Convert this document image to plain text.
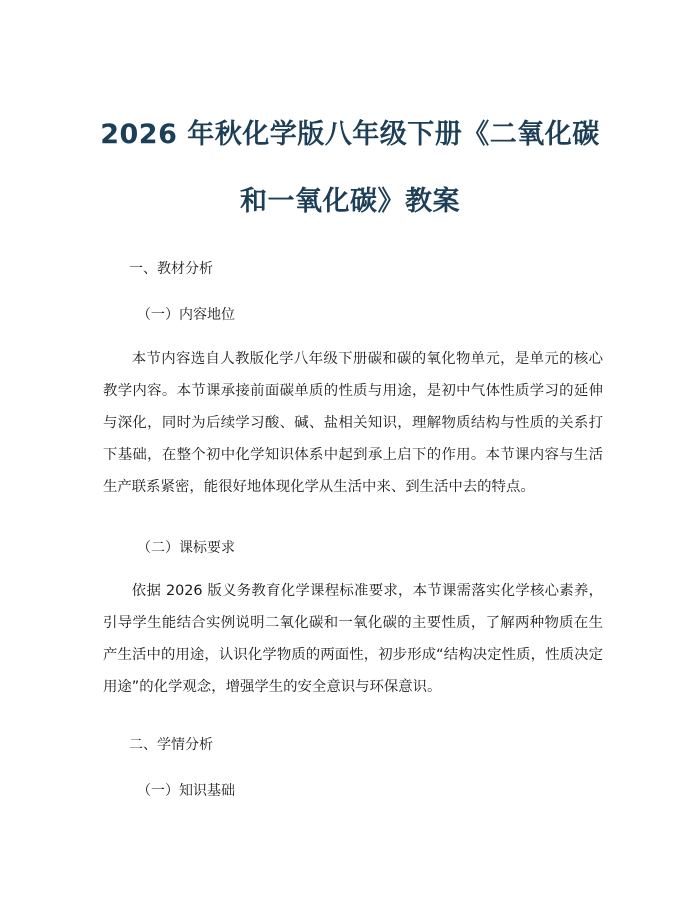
2026 年秋化学版八年级下册《二氧化碳
和一氧化碳》教案
一、教材分析
（一）内容地位
本节内容选自人教版化学八年级下册碳和碳的氧化物单元，是单元的核心教学内容。本节课承接前面碳单质的性质与用途，是初中气体性质学习的延伸与深化，同时为后续学习酸、碱、盐相关知识，理解物质结构与性质的关系打下基础，在整个初中化学知识体系中起到承上启下的作用。本节课内容与生活生产联系紧密，能很好地体现化学从生活中来、到生活中去的特点。
（二）课标要求
依据 2026 版义务教育化学课程标准要求，本节课需落实化学核心素养，引导学生能结合实例说明二氧化碳和一氧化碳的主要性质，了解两种物质在生产生活中的用途，认识化学物质的两面性，初步形成“结构决定性质，性质决定用途”的化学观念，增强学生的安全意识与环保意识。
二、学情分析
（一）知识基础
